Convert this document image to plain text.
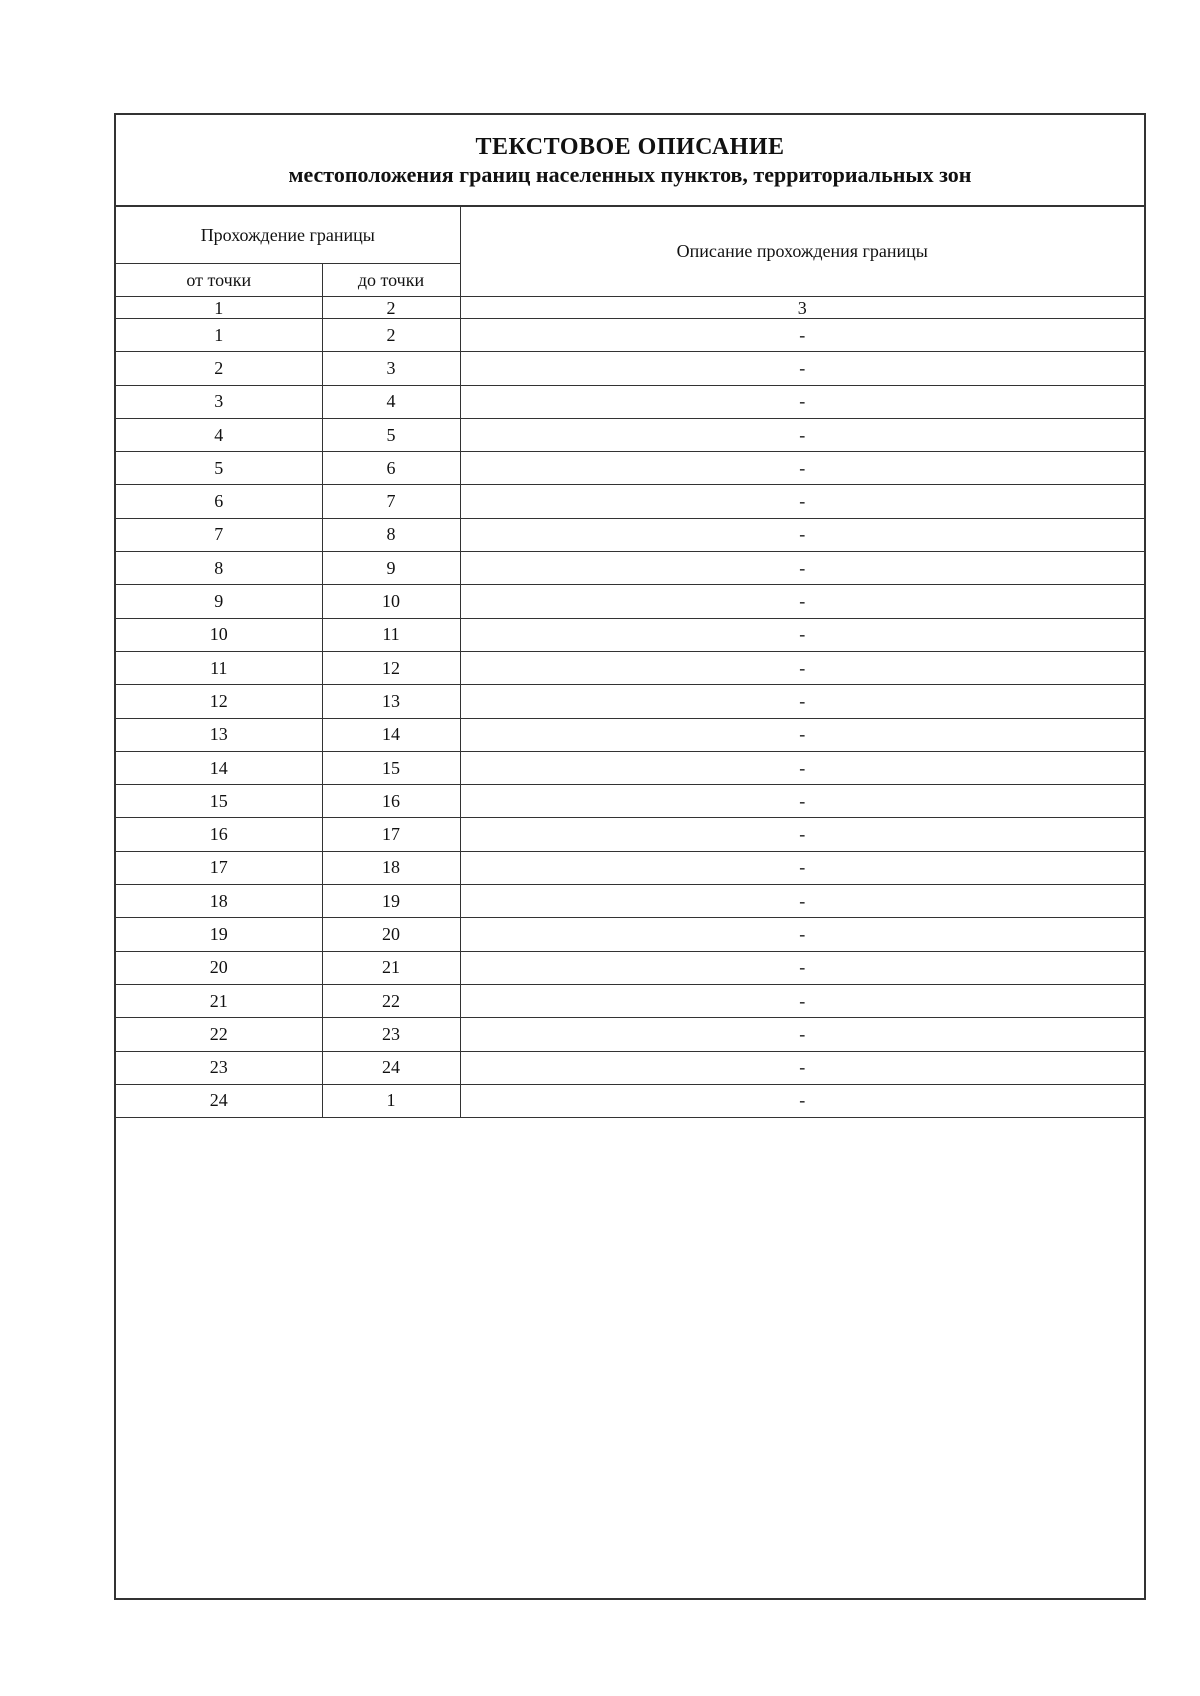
ТЕКСТОВОЕ ОПИСАНИЕ
местоположения границ населенных пунктов, территориальных зон
Прохождение границы		Описание прохождения границы
от точки	до точки	
1	2	3
1	2	-
2	3	-
3	4	-
4	5	-
5	6	-
6	7	-
7	8	-
8	9	-
9	10	-
10	11	-
11	12	-
12	13	-
13	14	-
14	15	-
15	16	-
16	17	-
17	18	-
18	19	-
19	20	-
20	21	-
21	22	-
22	23	-
23	24	-
24	1	-
